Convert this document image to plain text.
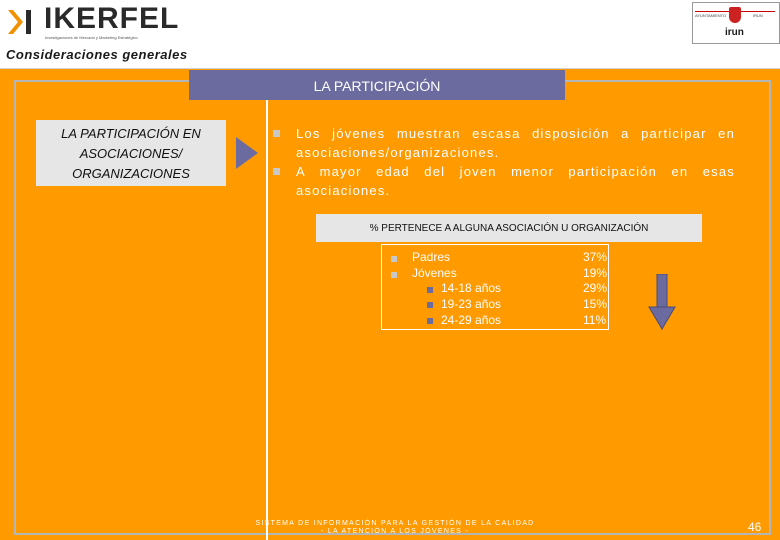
IKERFEL
Investigaciones de Mercado y Marketing Estratégico
AYUNTAMIENTO	IRUN
irun
Consideraciones generales
LA PARTICIPACIÓN
LA PARTICIPACIÓN EN
ASOCIACIONES/
ORGANIZACIONES
Los jóvenes muestran escasa disposición a participar en asociaciones/organizaciones.
A mayor edad del joven menor participación en esas asociaciones.
% PERTENECE A ALGUNA ASOCIACIÓN U ORGANIZACIÓN
Padres	37%
Jóvenes	19%
14-18 años	29%
19-23 años	15%
24-29 años	11%
SISTEMA DE INFORMACIÓN PARA LA GESTIÓN DE LA CALIDAD
- LA ATENCIÓN A LOS JÓVENES -	46
